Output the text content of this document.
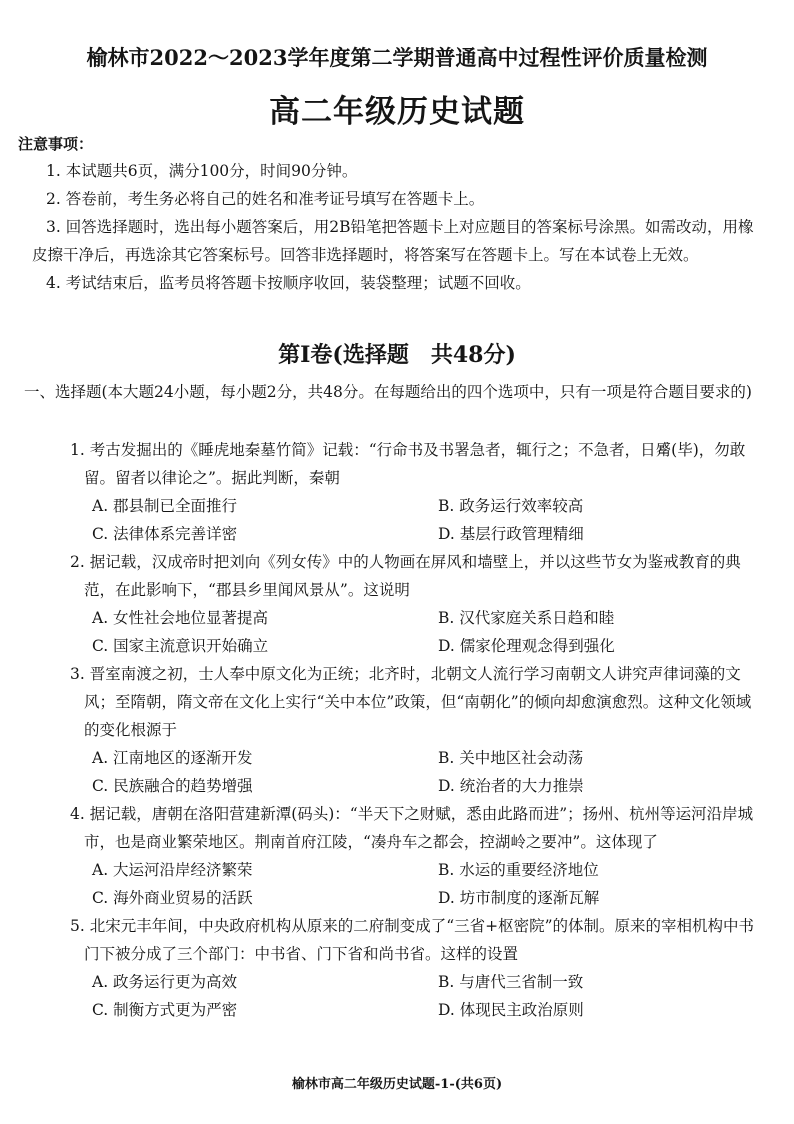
榆林市2022～2023学年度第二学期普通高中过程性评价质量检测
高二年级历史试题
注意事项：
1. 本试题共6页，满分100分，时间90分钟。
2. 答卷前，考生务必将自己的姓名和准考证号填写在答题卡上。
3. 回答选择题时，选出每小题答案后，用2B铅笔把答题卡上对应题目的答案标号涂黑。如需改动，用橡皮擦干净后，再选涂其它答案标号。回答非选择题时，将答案写在答题卡上。写在本试卷上无效。
4. 考试结束后，监考员将答题卡按顺序收回，装袋整理；试题不回收。
第Ⅰ卷(选择题 共48分)
一、选择题(本大题24小题，每小题2分，共48分。在每题给出的四个选项中，只有一项是符合题目要求的)
1. 考古发掘出的《睡虎地秦墓竹简》记载：“行命书及书署急者，辄行之；不急者，日觱(毕)，勿敢留。留者以律论之”。据此判断，秦朝
A. 郡县制已全面推行	B. 政务运行效率较高
C. 法律体系完善详密	D. 基层行政管理精细
2. 据记载，汉成帝时把刘向《列女传》中的人物画在屏风和墙壁上，并以这些节女为鉴戒教育的典范，在此影响下，“郡县乡里闻风景从”。这说明
A. 女性社会地位显著提高	B. 汉代家庭关系日趋和睦
C. 国家主流意识开始确立	D. 儒家伦理观念得到强化
3. 晋室南渡之初，士人奉中原文化为正统；北齐时，北朝文人流行学习南朝文人讲究声律词藻的文风；至隋朝，隋文帝在文化上实行“关中本位”政策，但“南朝化”的倾向却愈演愈烈。这种文化领域的变化根源于
A. 江南地区的逐渐开发	B. 关中地区社会动荡
C. 民族融合的趋势增强	D. 统治者的大力推崇
4. 据记载，唐朝在洛阳营建新潭(码头)：“半天下之财赋，悉由此路而进”；扬州、杭州等运河沿岸城市，也是商业繁荣地区。荆南首府江陵，“凑舟车之都会，控湖岭之要冲”。这体现了
A. 大运河沿岸经济繁荣	B. 水运的重要经济地位
C. 海外商业贸易的活跃	D. 坊市制度的逐渐瓦解
5. 北宋元丰年间，中央政府机构从原来的二府制变成了“三省+枢密院”的体制。原来的宰相机构中书门下被分成了三个部门：中书省、门下省和尚书省。这样的设置
A. 政务运行更为高效	B. 与唐代三省制一致
C. 制衡方式更为严密	D. 体现民主政治原则
榆林市高二年级历史试题-1-(共6页)
